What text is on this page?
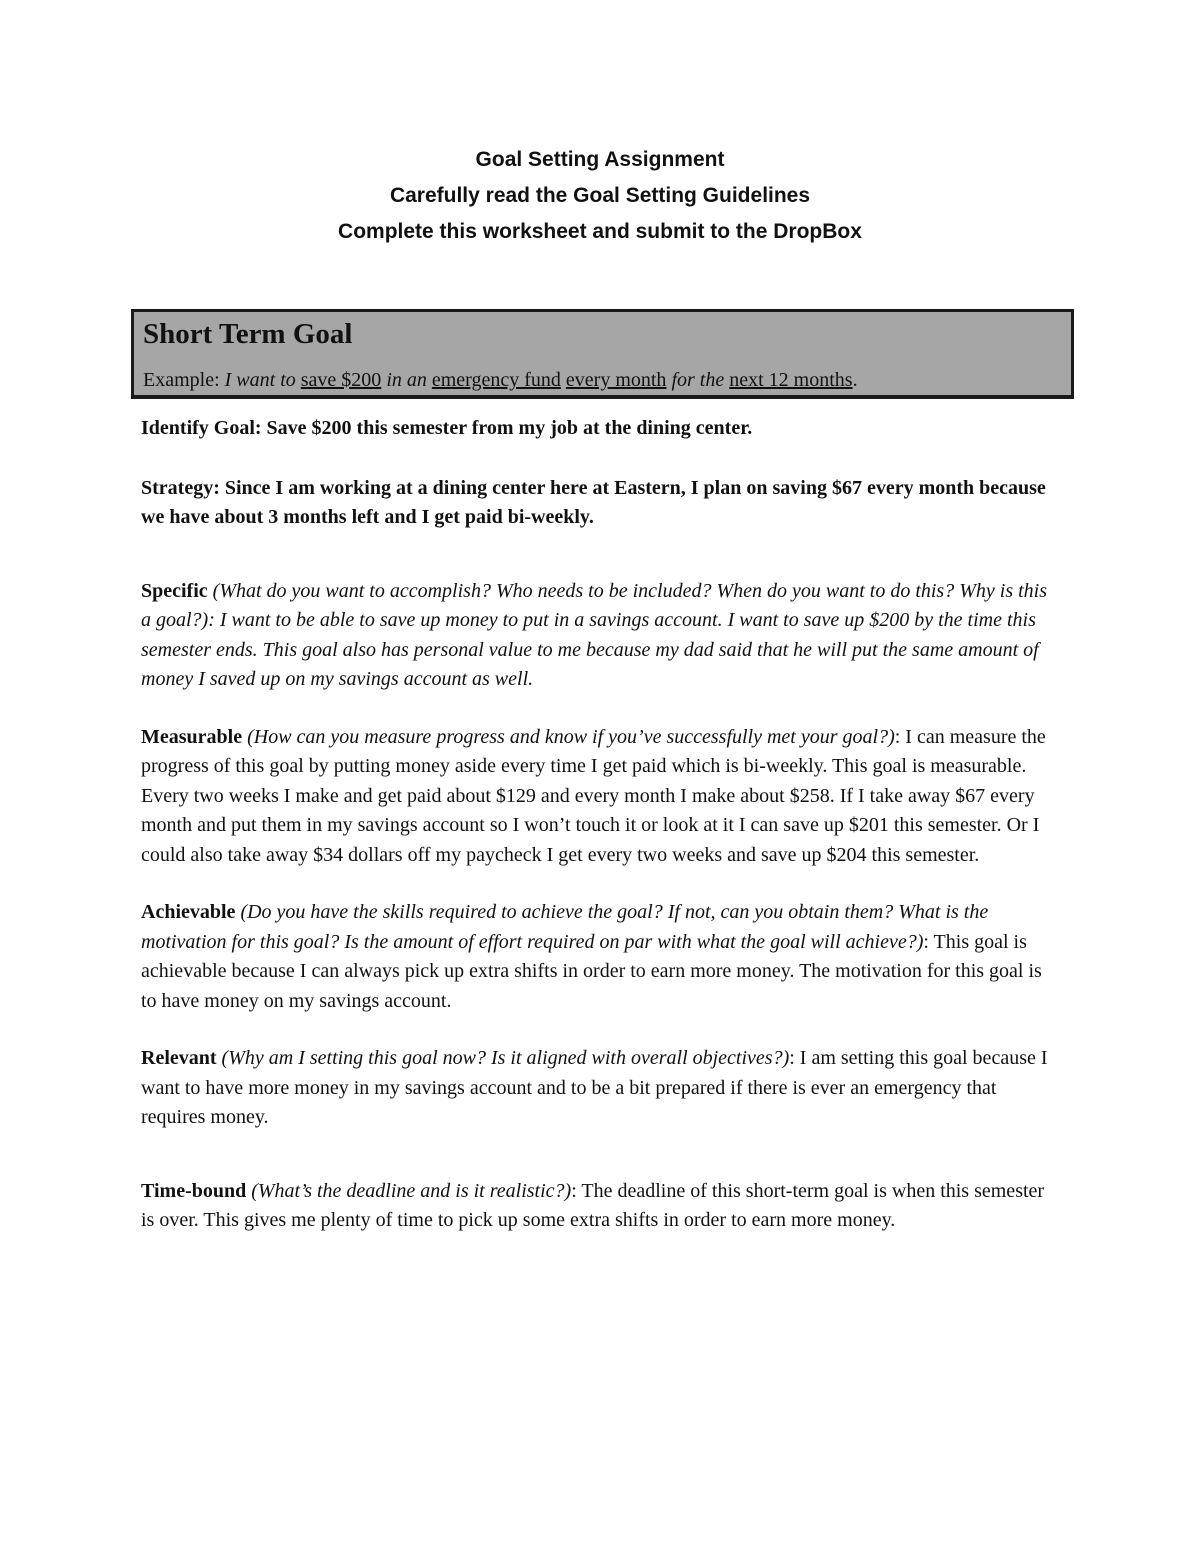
Goal Setting Assignment
Carefully read the Goal Setting Guidelines
Complete this worksheet and submit to the DropBox
Short Term Goal
Example: I want to save $200 in an emergency fund every month for the next 12 months.

Identify Goal: Save $200 this semester from my job at the dining center.

Strategy: Since I am working at a dining center here at Eastern, I plan on saving $67 every month because we have about 3 months left and I get paid bi-weekly.

Specific (What do you want to accomplish? Who needs to be included? When do you want to do this? Why is this a goal?): I want to be able to save up money to put in a savings account. I want to save up $200 by the time this semester ends. This goal also has personal value to me because my dad said that he will put the same amount of money I saved up on my savings account as well.

Measurable (How can you measure progress and know if you’ve successfully met your goal?): I can measure the progress of this goal by putting money aside every time I get paid which is bi-weekly. This goal is measurable. Every two weeks I make and get paid about $129 and every month I make about $258. If I take away $67 every month and put them in my savings account so I won’t touch it or look at it I can save up $201 this semester. Or I could also take away $34 dollars off my paycheck I get every two weeks and save up $204 this semester.

Achievable (Do you have the skills required to achieve the goal? If not, can you obtain them? What is the motivation for this goal? Is the amount of effort required on par with what the goal will achieve?): This goal is achievable because I can always pick up extra shifts in order to earn more money. The motivation for this goal is to have money on my savings account.

Relevant (Why am I setting this goal now? Is it aligned with overall objectives?): I am setting this goal because I want to have more money in my savings account and to be a bit prepared if there is ever an emergency that requires money.

Time-bound (What’s the deadline and is it realistic?): The deadline of this short-term goal is when this semester is over. This gives me plenty of time to pick up some extra shifts in order to earn more money.
